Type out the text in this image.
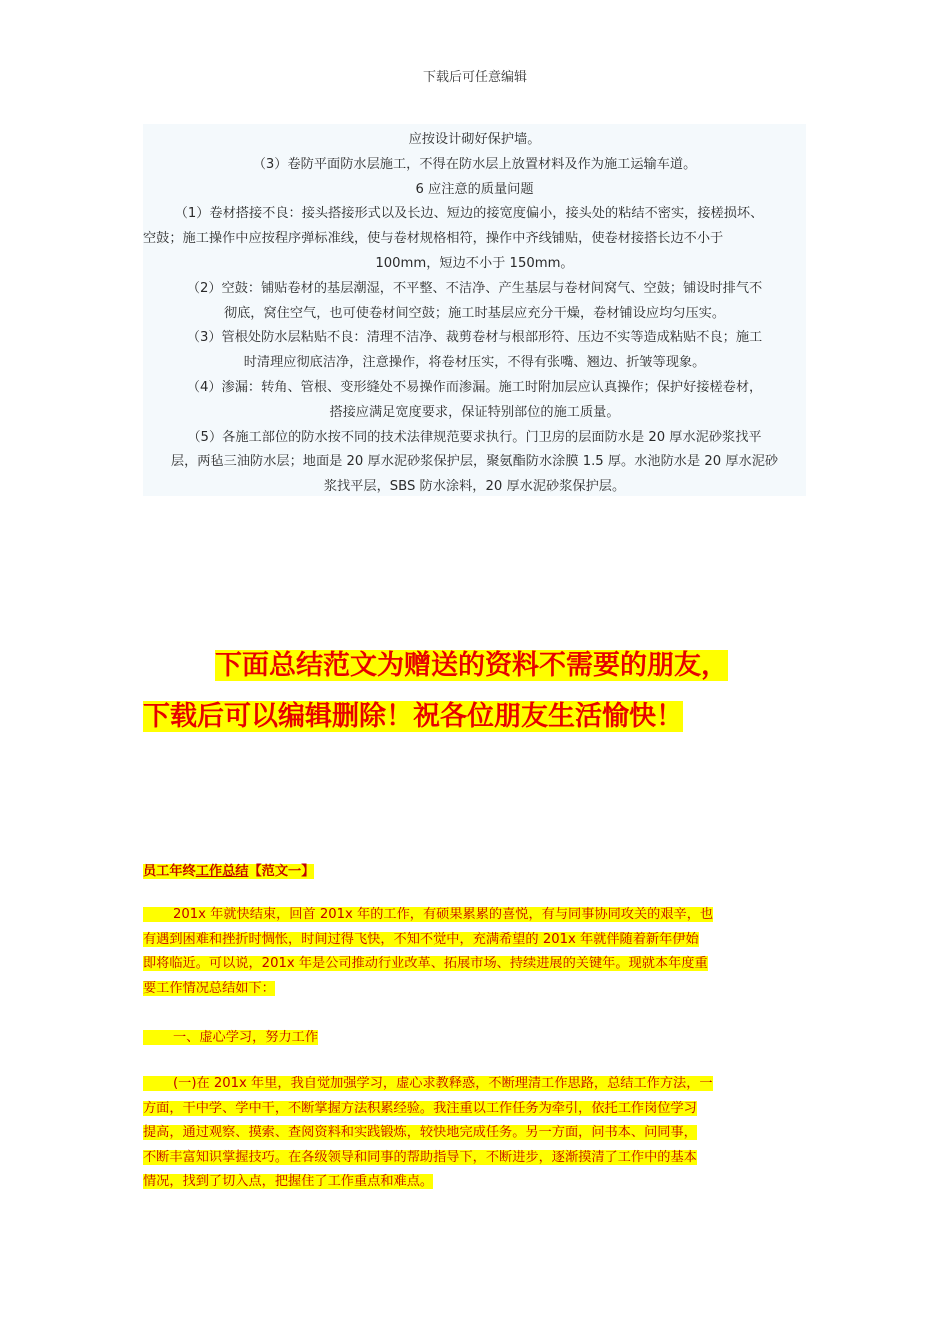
下载后可任意编辑

应按设计砌好保护墙。

（3）卷防平面防水层施工，不得在防水层上放置材料及作为施工运输车道。

6 应注意的质量问题

（1）卷材搭接不良：接头搭接形式以及长边、短边的接宽度偏小，接头处的粘结不密实，接槎损坏、

空鼓；施工操作中应按程序弹标准线，使与卷材规格相符，操作中齐线铺贴，使卷材接搭长边不小于

100mm，短边不小于 150mm。

（2）空鼓：铺贴卷材的基层潮湿，不平整、不洁净、产生基层与卷材间窝气、空鼓；铺设时排气不

彻底，窝住空气，也可使卷材间空鼓；施工时基层应充分干燥，卷材铺设应均匀压实。

（3）管根处防水层粘贴不良：清理不洁净、裁剪卷材与根部形符、压边不实等造成粘贴不良；施工

时清理应彻底洁净，注意操作，将卷材压实，不得有张嘴、翘边、折皱等现象。

（4）渗漏：转角、管根、变形缝处不易操作而渗漏。施工时附加层应认真操作；保护好接槎卷材，

搭接应满足宽度要求，保证特别部位的施工质量。

（5）各施工部位的防水按不同的技术法律规范要求执行。门卫房的层面防水是 20 厚水泥砂浆找平

层，两毡三油防水层；地面是 20 厚水泥砂浆保护层，聚氨酯防水涂膜 1.5 厚。水池防水是 20 厚水泥砂

浆找平层，SBS 防水涂料，20 厚水泥砂浆保护层。

下面总结范文为赠送的资料不需要的朋友，
下载后可以编辑删除！祝各位朋友生活愉快！
员工年终工作总结【范文一】

201x 年就快结束，回首 201x 年的工作，有硕果累累的喜悦，有与同事协同攻关的艰辛，也

有遇到困难和挫折时惆怅，时间过得飞快，不知不觉中，充满希望的 201x 年就伴随着新年伊始

即将临近。可以说，201x 年是公司推动行业改革、拓展市场、持续进展的关键年。现就本年度重

要工作情况总结如下：

一、虚心学习，努力工作

(一)在 201x 年里，我自觉加强学习，虚心求教释惑，不断理清工作思路，总结工作方法，一

方面，干中学、学中干，不断掌握方法积累经验。我注重以工作任务为牵引，依托工作岗位学习

提高，通过观察、摸索、查阅资料和实践锻炼，较快地完成任务。另一方面，问书本、问同事，

不断丰富知识掌握技巧。在各级领导和同事的帮助指导下，不断进步，逐渐摸清了工作中的基本

情况，找到了切入点，把握住了工作重点和难点。
